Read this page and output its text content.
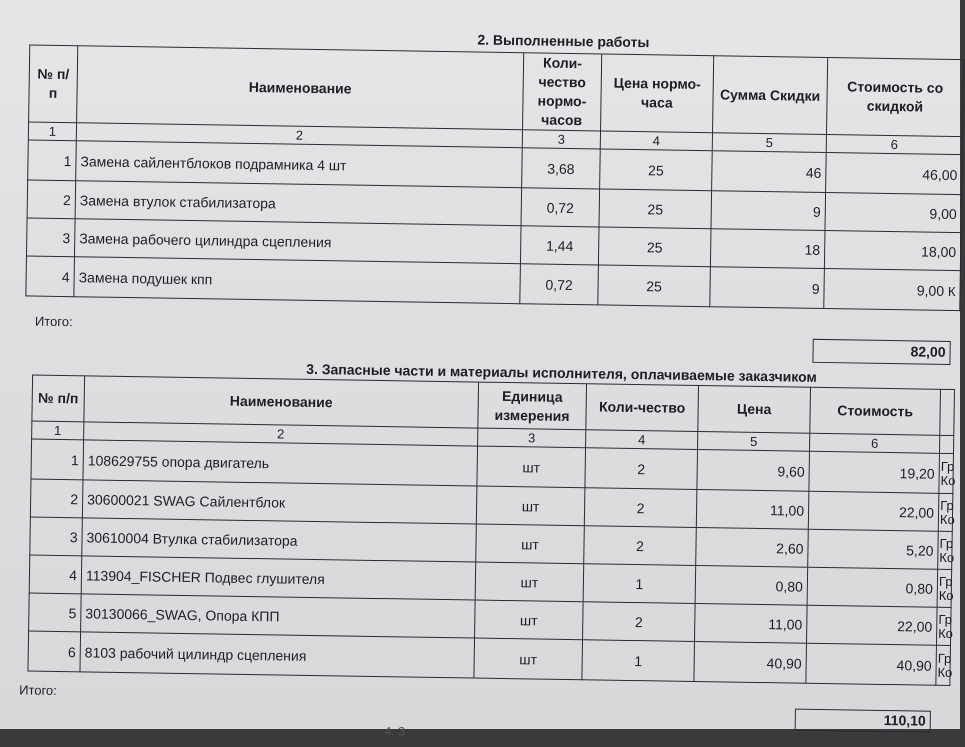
2. Выполненные работы
№ п/п	Наименование	Коли-чество нормо-часов	Цена нормо-часа	Сумма Скидки	Стоимость со скидкой
1	2	3	4	5	6
1	Замена сайлентблоков подрамника 4 шт	3,68	25	46	46,00
2	Замена втулок стабилизатора	0,72	25	9	9,00
3	Замена рабочего цилиндра сцепления	1,44	25	18	18,00
4	Замена подушек кпп	0,72	25	9	9,00 К
Итого:
82,00
3. Запасные части и материалы исполнителя, оплачиваемые заказчиком
№ п/п	Наименование	Единица измерения	Коли-чество	Цена	Стоимость	
1	2	3	4	5	6	
1	108629755 опора двигатель	шт	2	9,60	19,20	Гр Ко
2	30600021 SWAG Сайлентблок	шт	2	11,00	22,00	Гр Ко
3	30610004 Втулка стабилизатора	шт	2	2,60	5,20	Гр Ко
4	113904_FISCHER Подвес глушителя	шт	1	0,80	0,80	Гр Ко
5	30130066_SWAG, Опора КПП	шт	2	11,00	22,00	Гр Ко
6	8103 рабочий цилиндр сцепления	шт	1	40,90	40,90	Гр Ко
Итого:
110,10
4. З
